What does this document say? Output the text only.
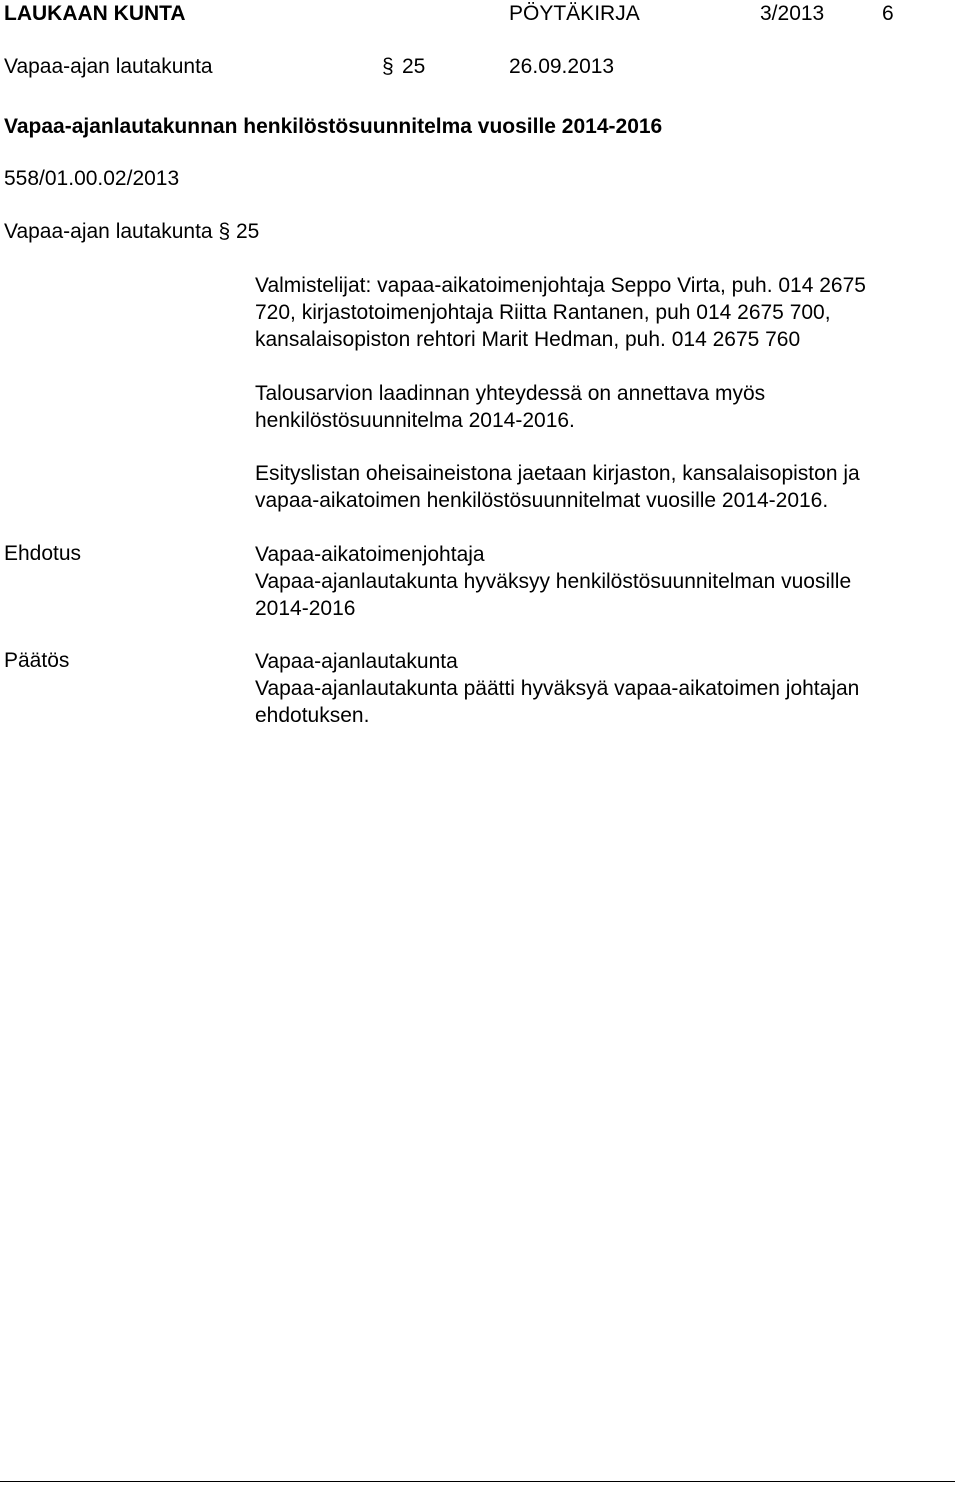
LAUKAAN KUNTA	PÖYTÄKIRJA	3/2013	6
Vapaa-ajan lautakunta	§ 25	26.09.2013
Vapaa-ajanlautakunnan henkilöstösuunnitelma vuosille 2014-2016
558/01.00.02/2013
Vapaa-ajan lautakunta § 25
Valmistelijat: vapaa-aikatoimenjohtaja Seppo Virta, puh. 014 2675
720, kirjastotoimenjohtaja Riitta Rantanen, puh 014 2675 700,
kansalaisopiston rehtori Marit Hedman, puh. 014 2675 760
Talousarvion laadinnan yhteydessä on annettava myös
henkilöstösuunnitelma 2014-2016.
Esityslistan oheisaineistona jaetaan kirjaston, kansalaisopiston ja
vapaa-aikatoimen henkilöstösuunnitelmat vuosille 2014-2016.
Ehdotus	Vapaa-aikatoimenjohtaja
Vapaa-ajanlautakunta hyväksyy henkilöstösuunnitelman vuosille
2014-2016
Päätös	Vapaa-ajanlautakunta
Vapaa-ajanlautakunta päätti hyväksyä vapaa-aikatoimen johtajan
ehdotuksen.
